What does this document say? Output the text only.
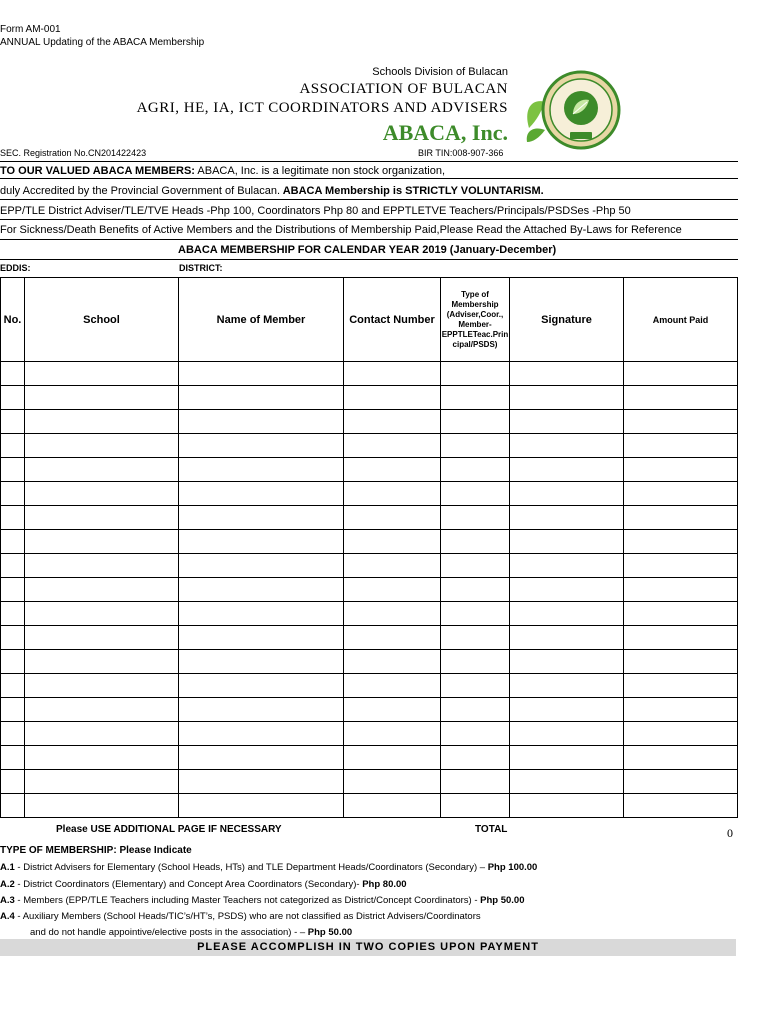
Form AM-001
ANNUAL Updating of the ABACA Membership
Schools Division of Bulacan
ASSOCIATION OF BULACAN
AGRI, HE, IA, ICT COORDINATORS AND ADVISERS
ABACA, Inc.
SEC. Registration No.CN201422423	BIR TIN:008-907-366
TO OUR VALUED ABACA MEMBERS: ABACA, Inc. is a legitimate non stock organization,
duly Accredited by the Provincial Government of Bulacan. ABACA Membership is STRICTLY VOLUNTARISM.
EPP/TLE District Adviser/TLE/TVE Heads -Php 100, Coordinators Php 80 and EPPTLETVE Teachers/Principals/PSDSes -Php 50
For Sickness/Death Benefits of Active Members and the Distributions of Membership Paid,Please Read the Attached By-Laws for Reference
ABACA MEMBERSHIP FOR CALENDAR YEAR 2019 (January-December)
EDDIS:	DISTRICT:
No.	School	Name of Member	Contact Number	Type of Membership (Adviser,Coor., Member-EPPTLETeac.Prin cipal/PSDS)	Signature	Amount Paid

Please USE ADDITIONAL PAGE IF NECESSARY	TOTAL	0
TYPE OF MEMBERSHIP: Please Indicate
A.1 - District Advisers for Elementary (School Heads, HTs) and TLE Department Heads/Coordinators (Secondary) – Php 100.00
A.2 - District Coordinators (Elementary) and Concept Area Coordinators (Secondary)- Php 80.00
A.3 - Members (EPP/TLE Teachers including Master Teachers not categorized as District/Concept Coordinators) - Php 50.00
A.4 - Auxiliary Members (School Heads/TIC’s/HT’s, PSDS) who are not classified as District Advisers/Coordinators
and do not handle appointive/elective posts in the association) - – Php 50.00
PLEASE ACCOMPLISH IN TWO COPIES UPON PAYMENT
